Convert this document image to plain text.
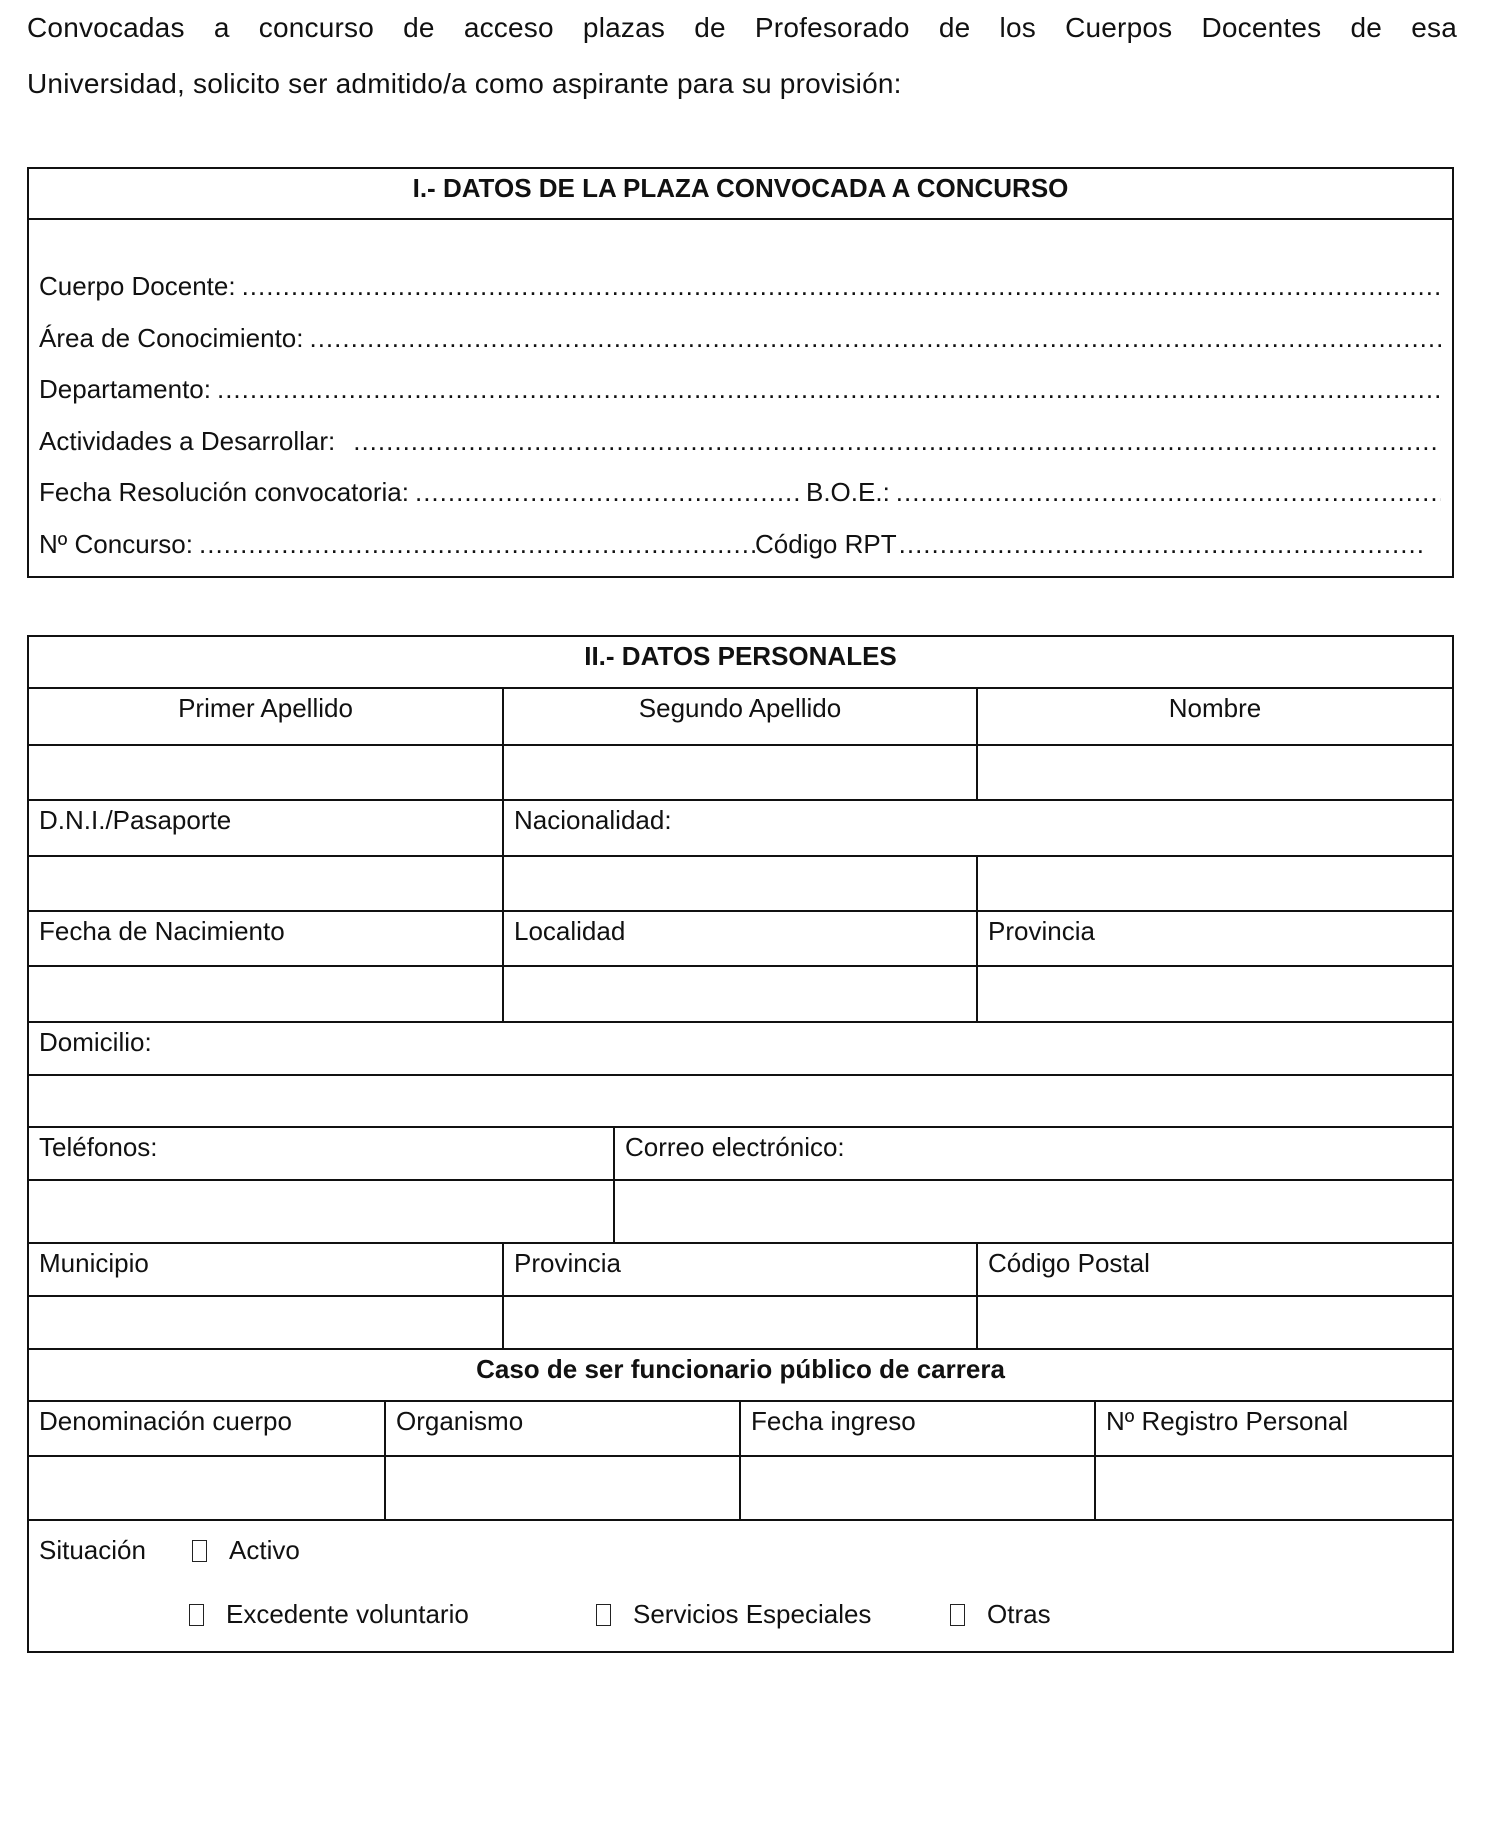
Convocadas a concurso de acceso plazas de Profesorado de los Cuerpos Docentes de esa
Universidad, solicito ser admitido/a como aspirante para su provisión:
I.- DATOS DE LA PLAZA CONVOCADA A CONCURSO
Cuerpo Docente:
.....
Área de Conocimiento:
.....
Departamento:
.....
Actividades a Desarrollar:
.....
Fecha Resolución convocatoria: .....	B.O.E.:
.....
Nº Concurso: .....	Código RPT
.....
II.- DATOS PERSONALES
Primer Apellido	Segundo Apellido	Nombre
D.N.I./Pasaporte	Nacionalidad:
Fecha de Nacimiento	Localidad	Provincia
Domicilio:
Teléfonos:	Correo electrónico:
Municipio	Provincia	Código Postal
Caso de ser funcionario público de carrera
Denominación cuerpo	Organismo	Fecha ingreso	Nº Registro Personal
Situación	Activo
Excedente voluntario	Servicios Especiales	Otras
